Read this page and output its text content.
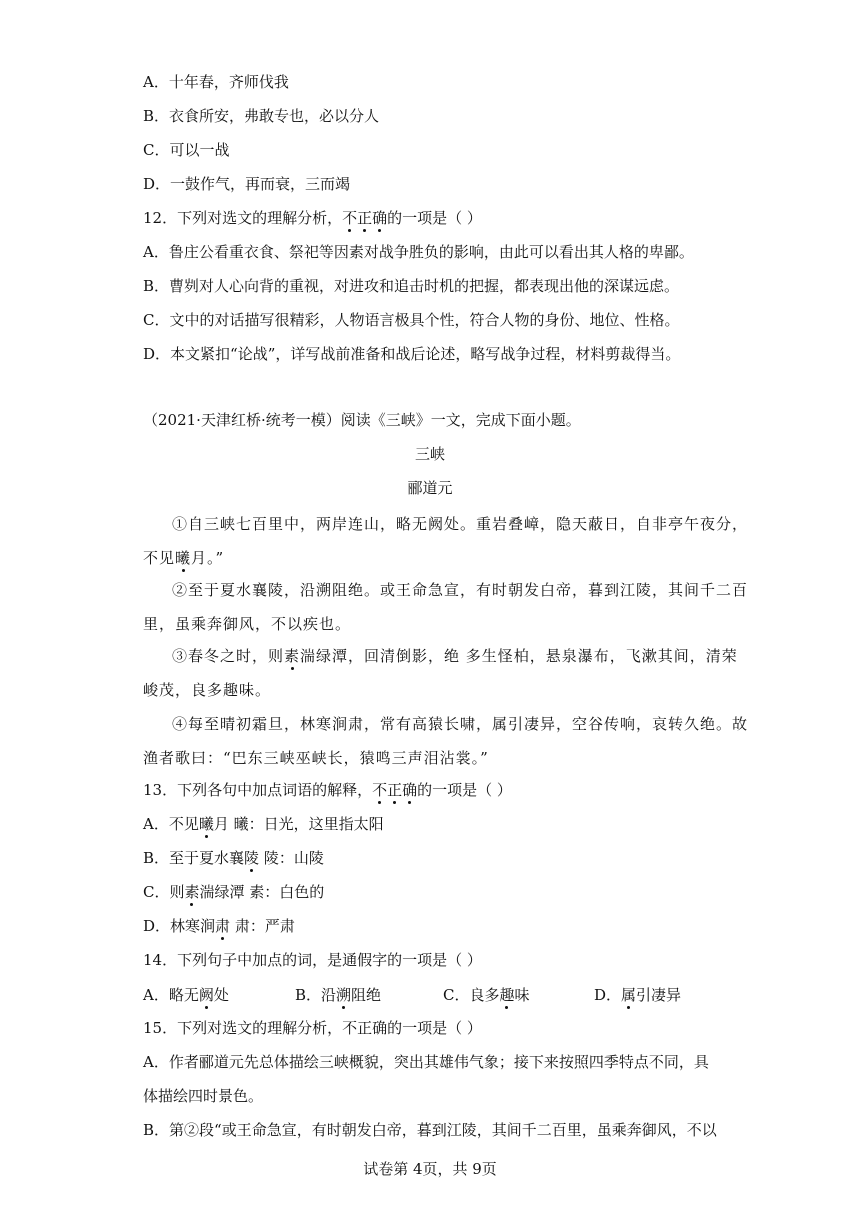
A．十年春，齐师伐我
B．衣食所安，弗敢专也，必以分人
C．可以一战
D．一鼓作气，再而衰，三而竭
12．下列对选文的理解分析，不正确的一项是（ ）
A．鲁庄公看重衣食、祭祀等因素对战争胜负的影响，由此可以看出其人格的卑鄙。
B．曹刿对人心向背的重视，对进攻和追击时机的把握，都表现出他的深谋远虑。
C．文中的对话描写很精彩，人物语言极具个性，符合人物的身份、地位、性格。
D．本文紧扣“论战”，详写战前准备和战后论述，略写战争过程，材料剪裁得当。
（2021·天津红桥·统考一模）阅读《三峡》一文，完成下面小题。
三峡
郦道元
①自三峡七百里中，两岸连山，略无阙处。重岩叠嶂，隐天蔽日，自非亭午夜分，
不见曦月。”
②至于夏水襄陵，沿溯阻绝。或王命急宣，有时朝发白帝，暮到江陵，其间千二百
里，虽乘奔御风，不以疾也。
③春冬之时，则素湍绿潭，回清倒影，绝 多生怪柏，悬泉瀑布，飞漱其间，清荣
峻茂，良多趣味。
④每至晴初霜旦，林寒涧肃，常有高猿长啸，属引凄异，空谷传响，哀转久绝。故
渔者歌曰：“巴东三峡巫峡长，猿鸣三声泪沾裳。”
13．下列各句中加点词语的解释，不正确的一项是（ ）
A．不见曦月 曦：日光，这里指太阳
B．至于夏水襄陵 陵：山陵
C．则素湍绿潭 素：白色的
D．林寒涧肃 肃：严肃
14．下列句子中加点的词，是通假字的一项是（ ）
A．略无阙处	B．沿溯阻绝	C．良多趣味	D．属引凄异
15．下列对选文的理解分析，不正确的一项是（ ）
A．作者郦道元先总体描绘三峡概貌，突出其雄伟气象；接下来按照四季特点不同，具
体描绘四时景色。
B．第②段“或王命急宣，有时朝发白帝，暮到江陵，其间千二百里，虽乘奔御风，不以
试卷第 4页，共 9页
